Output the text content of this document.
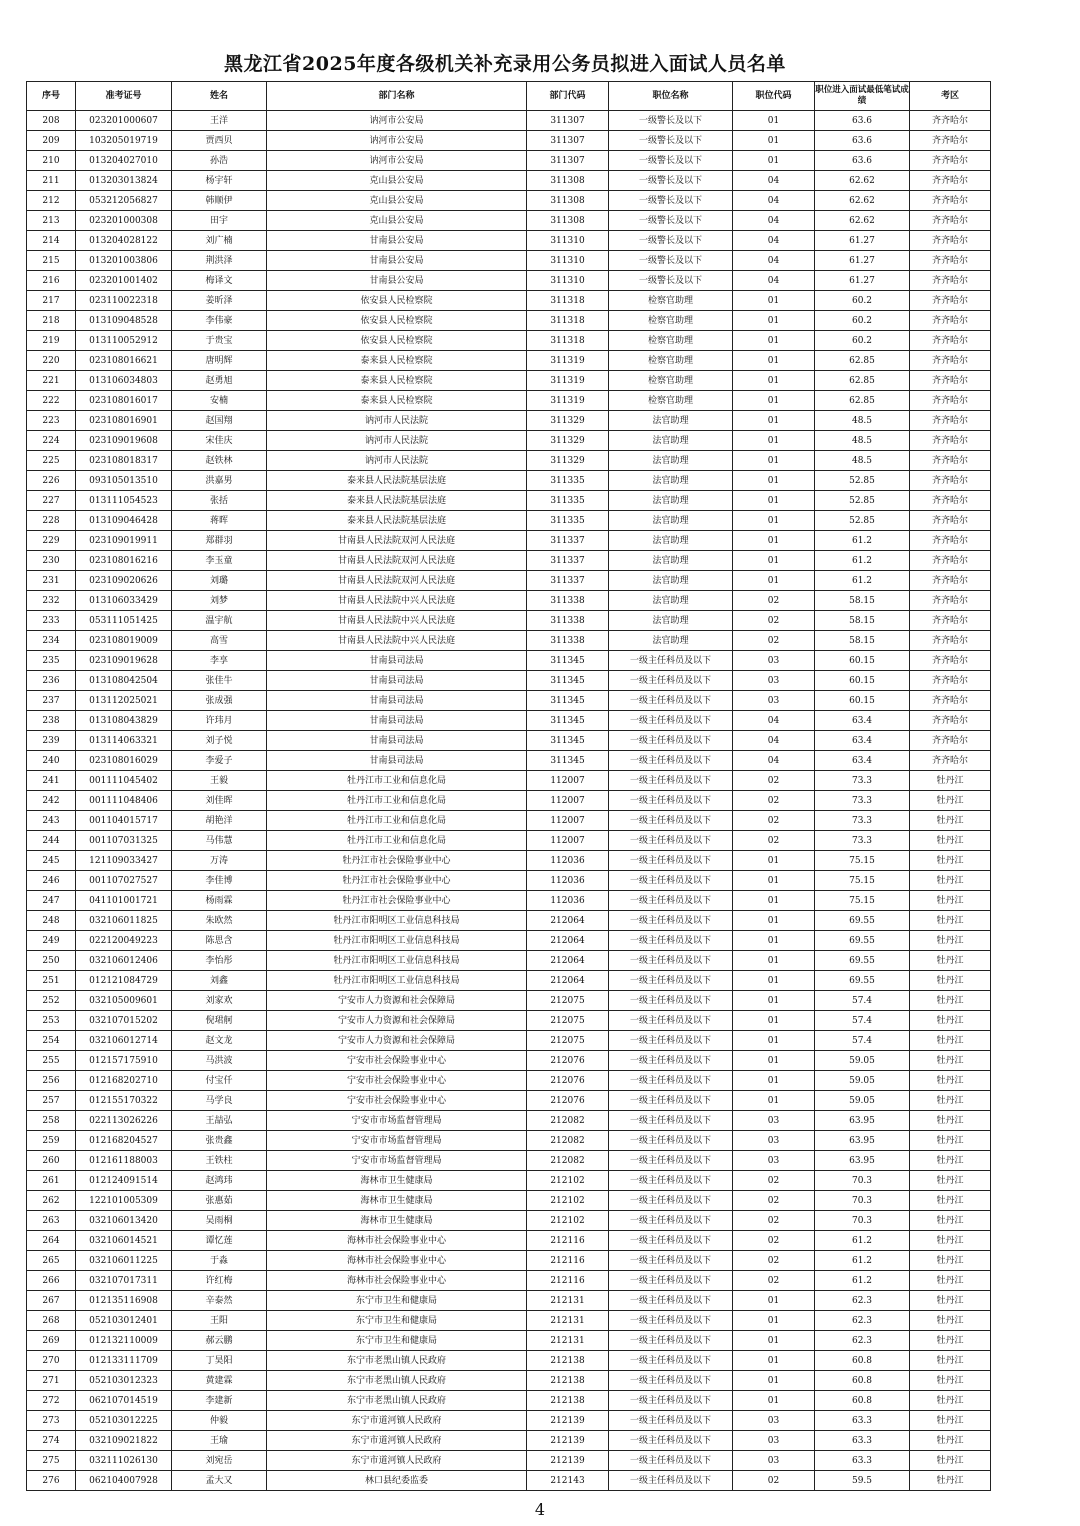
黑龙江省2025年度各级机关补充录用公务员拟进入面试人员名单
序号	准考证号	姓名	部门名称	部门代码	职位名称	职位代码	职位进入面试最低笔试成绩	考区
208	023201000607	王洋	讷河市公安局	311307	一级警长及以下	01	63.6	齐齐哈尔
209	103205019719	贾西贝	讷河市公安局	311307	一级警长及以下	01	63.6	齐齐哈尔
210	013204027010	孙浩	讷河市公安局	311307	一级警长及以下	01	63.6	齐齐哈尔
211	013203013824	杨宇轩	克山县公安局	311308	一级警长及以下	04	62.62	齐齐哈尔
212	053212056827	韩顺伊	克山县公安局	311308	一级警长及以下	04	62.62	齐齐哈尔
213	023201000308	田宇	克山县公安局	311308	一级警长及以下	04	62.62	齐齐哈尔
214	013204028122	刘广楠	甘南县公安局	311310	一级警长及以下	04	61.27	齐齐哈尔
215	013201003806	荆洪泽	甘南县公安局	311310	一级警长及以下	04	61.27	齐齐哈尔
216	023201001402	梅译文	甘南县公安局	311310	一级警长及以下	04	61.27	齐齐哈尔
217	023110022318	姜昕泽	依安县人民检察院	311318	检察官助理	01	60.2	齐齐哈尔
218	013109048528	李伟豪	依安县人民检察院	311318	检察官助理	01	60.2	齐齐哈尔
219	013110052912	于贵宝	依安县人民检察院	311318	检察官助理	01	60.2	齐齐哈尔
220	023108016621	唐明辉	泰来县人民检察院	311319	检察官助理	01	62.85	齐齐哈尔
221	013106034803	赵勇旭	泰来县人民检察院	311319	检察官助理	01	62.85	齐齐哈尔
222	023108016017	安楠	泰来县人民检察院	311319	检察官助理	01	62.85	齐齐哈尔
223	023108016901	赵国翔	讷河市人民法院	311329	法官助理	01	48.5	齐齐哈尔
224	023109019608	宋佳庆	讷河市人民法院	311329	法官助理	01	48.5	齐齐哈尔
225	023108018317	赵铁林	讷河市人民法院	311329	法官助理	01	48.5	齐齐哈尔
226	093105013510	洪嘉男	泰来县人民法院基层法庭	311335	法官助理	01	52.85	齐齐哈尔
227	013111054523	张括	泰来县人民法院基层法庭	311335	法官助理	01	52.85	齐齐哈尔
228	013109046428	蒋晖	泰来县人民法院基层法庭	311335	法官助理	01	52.85	齐齐哈尔
229	023109019911	郑群羽	甘南县人民法院双河人民法庭	311337	法官助理	01	61.2	齐齐哈尔
230	023108016216	李玉童	甘南县人民法院双河人民法庭	311337	法官助理	01	61.2	齐齐哈尔
231	023109020626	刘璐	甘南县人民法院双河人民法庭	311337	法官助理	01	61.2	齐齐哈尔
232	013106033429	刘梦	甘南县人民法院中兴人民法庭	311338	法官助理	02	58.15	齐齐哈尔
233	053111051425	温宇航	甘南县人民法院中兴人民法庭	311338	法官助理	02	58.15	齐齐哈尔
234	023108019009	高雪	甘南县人民法院中兴人民法庭	311338	法官助理	02	58.15	齐齐哈尔
235	023109019628	李享	甘南县司法局	311345	一级主任科员及以下	03	60.15	齐齐哈尔
236	013108042504	张佳牛	甘南县司法局	311345	一级主任科员及以下	03	60.15	齐齐哈尔
237	013112025021	张成强	甘南县司法局	311345	一级主任科员及以下	03	60.15	齐齐哈尔
238	013108043829	许玮月	甘南县司法局	311345	一级主任科员及以下	04	63.4	齐齐哈尔
239	013114063321	刘子悦	甘南县司法局	311345	一级主任科员及以下	04	63.4	齐齐哈尔
240	023108016029	李爱子	甘南县司法局	311345	一级主任科员及以下	04	63.4	齐齐哈尔
241	001111045402	王毅	牡丹江市工业和信息化局	112007	一级主任科员及以下	02	73.3	牡丹江
242	001111048406	刘佳晖	牡丹江市工业和信息化局	112007	一级主任科员及以下	02	73.3	牡丹江
243	001104015717	胡艳洋	牡丹江市工业和信息化局	112007	一级主任科员及以下	02	73.3	牡丹江
244	001107031325	马伟慧	牡丹江市工业和信息化局	112007	一级主任科员及以下	02	73.3	牡丹江
245	121109033427	万涛	牡丹江市社会保险事业中心	112036	一级主任科员及以下	01	75.15	牡丹江
246	001107027527	李佳博	牡丹江市社会保险事业中心	112036	一级主任科员及以下	01	75.15	牡丹江
247	041101001721	杨雨霖	牡丹江市社会保险事业中心	112036	一级主任科员及以下	01	75.15	牡丹江
248	032106011825	朱欧然	牡丹江市阳明区工业信息科技局	212064	一级主任科员及以下	01	69.55	牡丹江
249	022120049223	陈思含	牡丹江市阳明区工业信息科技局	212064	一级主任科员及以下	01	69.55	牡丹江
250	032106012406	李怡彤	牡丹江市阳明区工业信息科技局	212064	一级主任科员及以下	01	69.55	牡丹江
251	012121084729	刘鑫	牡丹江市阳明区工业信息科技局	212064	一级主任科员及以下	01	69.55	牡丹江
252	032105009601	刘家欢	宁安市人力资源和社会保障局	212075	一级主任科员及以下	01	57.4	牡丹江
253	032107015202	倪珺舸	宁安市人力资源和社会保障局	212075	一级主任科员及以下	01	57.4	牡丹江
254	032106012714	赵文龙	宁安市人力资源和社会保障局	212075	一级主任科员及以下	01	57.4	牡丹江
255	012157175910	马洪波	宁安市社会保险事业中心	212076	一级主任科员及以下	01	59.05	牡丹江
256	012168202710	付宝仟	宁安市社会保险事业中心	212076	一级主任科员及以下	01	59.05	牡丹江
257	012155170322	马学良	宁安市社会保险事业中心	212076	一级主任科员及以下	01	59.05	牡丹江
258	022113026226	王喆弘	宁安市市场监督管理局	212082	一级主任科员及以下	03	63.95	牡丹江
259	012168204527	张贵鑫	宁安市市场监督管理局	212082	一级主任科员及以下	03	63.95	牡丹江
260	012161188003	王铁柱	宁安市市场监督管理局	212082	一级主任科员及以下	03	63.95	牡丹江
261	012124091514	赵鸿玮	海林市卫生健康局	212102	一级主任科员及以下	02	70.3	牡丹江
262	122101005309	张惠茹	海林市卫生健康局	212102	一级主任科员及以下	02	70.3	牡丹江
263	032106013420	吴雨桐	海林市卫生健康局	212102	一级主任科员及以下	02	70.3	牡丹江
264	032106014521	谭忆莲	海林市社会保险事业中心	212116	一级主任科员及以下	02	61.2	牡丹江
265	032106011225	于淼	海林市社会保险事业中心	212116	一级主任科员及以下	02	61.2	牡丹江
266	032107017311	许红梅	海林市社会保险事业中心	212116	一级主任科员及以下	02	61.2	牡丹江
267	012135116908	辛泰然	东宁市卫生和健康局	212131	一级主任科员及以下	01	62.3	牡丹江
268	052103012401	王阳	东宁市卫生和健康局	212131	一级主任科员及以下	01	62.3	牡丹江
269	012132110009	郝云鹏	东宁市卫生和健康局	212131	一级主任科员及以下	01	62.3	牡丹江
270	012133111709	丁昊阳	东宁市老黑山镇人民政府	212138	一级主任科员及以下	01	60.8	牡丹江
271	052103012323	黄建霖	东宁市老黑山镇人民政府	212138	一级主任科员及以下	01	60.8	牡丹江
272	062107014519	李建新	东宁市老黑山镇人民政府	212138	一级主任科员及以下	01	60.8	牡丹江
273	052103012225	仲毅	东宁市道河镇人民政府	212139	一级主任科员及以下	03	63.3	牡丹江
274	032109021822	王瑜	东宁市道河镇人民政府	212139	一级主任科员及以下	03	63.3	牡丹江
275	032111026130	刘宛岳	东宁市道河镇人民政府	212139	一级主任科员及以下	03	63.3	牡丹江
276	062104007928	孟大又	林口县纪委监委	212143	一级主任科员及以下	02	59.5	牡丹江
4
